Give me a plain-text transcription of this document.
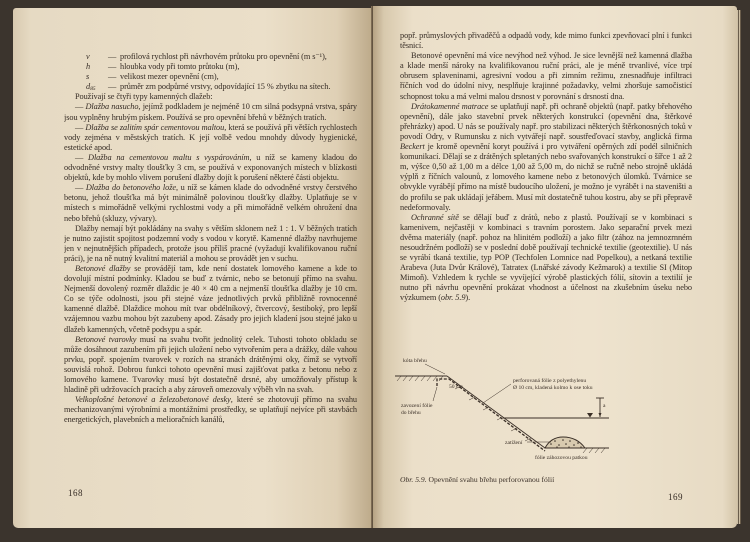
v	— profilová rychlost při návrhovém průtoku pro opevnění (m s⁻¹),
h	— hloubka vody při tomto průtoku (m),
s	— velikost mezer opevnění (cm),
$d_{85}$	— průměr zrn podpůrné vrstvy, odpovídající 15 % zbytku na sítech.

Používají se čtyři typy kamenných dlažeb:

— Dlažba nasucho, jejímž podkladem je nejméně 10 cm silná podsypná vrstva, spáry jsou vyplněny hrubým pískem. Používá se pro opevnění břehů v běžných tratích.

— Dlažba se zalitím spár cementovou maltou, která se používá při větších rychlostech vody zejména v městských tratích. K její volbě vedou mnohdy důvody hygienické, estetické apod.

— Dlažba na cementovou maltu s vyspárováním, u níž se kameny kladou do odvodněné vrstvy malty tloušťky 3 cm, se používá v exponovaných místech v blízkosti objektů, kde by mohlo vlivem porušení dlažby dojít k porušení některé části objektu.

— Dlažba do betonového lože, u níž se kámen klade do odvodněné vrstvy čerstvého betonu, jehož tloušťka má být minimálně polovinou tloušťky dlažby. Uplatňuje se v místech s mimořádně velkými rychlostmi vody a při mimořádně velkém ohrožení dna nebo břehů (skluzy, vývary).

Dlažby nemají být pokládány na svahy s větším sklonem než 1 : 1. V běžných tratích je nutno zajistit spojitost podzemní vody s vodou v korytě. Kamenné dlažby navrhujeme jen v nejnutnějších případech, protože jsou příliš pracné (vyžadují kvalifikovanou ruční práci), je na ně nutný kvalitní materiál a mohou se provádět jen v suchu.

Betonové dlažby se provádějí tam, kde není dostatek lomového kamene a kde to dovolují místní podmínky. Kladou se buď z tvárnic, nebo se betonují přímo na svahu. Nejmenší dovolený rozměr dlaždic je 40 × 40 cm a nejmenší tloušťka dlažby je 10 cm. Co se týče odolnosti, jsou při stejné váze jednotlivých prvků přibližně rovnocenné kamenné dlažbě. Dlaždice mohou mít tvar obdélníkový, čtvercový, šestiboký, pro lepší vzájemnou vazbu mohou být zazubeny apod. Zásady pro jejich kladení jsou stejné jako u dlažeb kamenných, včetně podsypu a spár.

Betonové tvarovky musí na svahu tvořit jednolitý celek. Tuhosti tohoto obkladu se může dosáhnout zazubením při jejich uložení nebo vytvořením pera a drážky, dále vahou prvku, popř. spojením tvarovek v rozích na stranách drátěnými oky, čímž se vytvoří souvislá rohož. Dobrou funkci tohoto opevnění musí zajišťovat patka z betonu nebo z lomového kamene. Tvarovky musí být dostatečně drsné, aby umožňovaly přístup k hladině při udržovacích pracích a aby zároveň omezovaly výběh vln na svah.

Velkoplošné betonové a železobetonové desky, které se zhotovují přímo na svahu mechanizovanými výrobními a montážními prostředky, se uplatňují nejvíce při stavbách energetických, plavebních a melioračních kanálů,

168

popř. průmyslových přivaděčů a odpadů vody, kde mimo funkci zpevňovací plní i funkci těsnicí.

Betonové opevnění má více nevýhod než výhod. Je sice levnější než kamenná dlažba a klade menší nároky na kvalifikovanou ruční práci, ale je méně trvanlivé, více trpí obrusem splaveninami, agresivní vodou a při zimním režimu, znesnadňuje infiltraci říčních vod do údolní nivy, nesplňuje krajinné požadavky, velmi zhoršuje samočisticí schopnost toku a má velmi malou drsnost v porovnání s drsností dna.

Drátokamenné matrace se uplatňují např. při ochraně objektů (např. patky břehového opevnění), dále jako stavební prvek některých konstrukcí (opevnění dna, štěrkové přehrázky) apod. U nás se používaly např. pro stabilizaci některých štěrkonosných toků v povodí Odry, v Rumunsku z nich vytvářejí např. soustřeďovací stavby, anglická firma Beckert je kromě opevnění koryt používá i pro vytváření opěrných zdí podél silničních komunikací. Dělají se z drátěných spletaných nebo svařovaných konstrukcí o šířce 1 až 2 m, výšce 0,50 až 1,00 m a délce 1,00 až 5,00 m, do nichž se ručně nebo strojně ukládá výplň z říčních valounů, z lomového kamene nebo z betonových úlomků. Tvárnice se obvykle vyrábějí přímo na místě budoucího uložení, je možno je vyrábět i na staveništi a do profilu se pak ukládají jeřábem. Musí mít dostatečně tuhou kostru, aby se při přepravě nedeformovaly.

Ochranné sítě se dělají buď z drátů, nebo z plastů. Používají se v kombinaci s kamenivem, nejčastěji v kombinaci s travním porostem. Jako separační prvek mezi dvěma materiály (např. pohoz na hlinitém podloží) a jako filtr (zához na jemnozrnném nesoudržném podloží) se v poslední době používají technické textilie (geotextilie). U nás se vyrábí tkaná textilie, typ POP (Techfolen Lomnice nad Popelkou), a netkaná textilie Arabeva (Juta Dvůr Králové), Tatratex (Lnářské závody Kežmarok) a textilie SI (Mitop Mimoň). Vzhledem k rychle se vyvíjející výrobě plastických fólií, sítovin a textilií je nutno při návrhu opevnění prokázat vhodnost a účelnost na zkušebním úseku nebo výzkumem (obr. 5.9).

kóta břehu
50 cm
zavození fólie
do břehu
perforovaná fólie z polyethylenu
Ø 10 cm, kladená kolmo k ose toku
zatížení
fólie záhozovou patkou
a
Obr. 5.9. Opevnění svahu břehu perforovanou fólií
169
